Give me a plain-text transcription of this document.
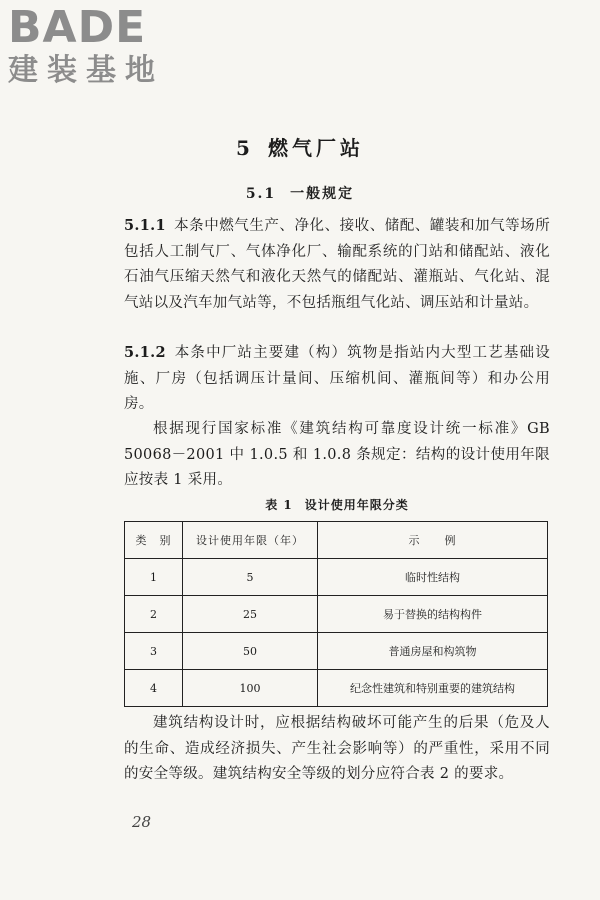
BADE
建装基地
5 燃气厂站
5.1 一般规定
5.1.1 本条中燃气生产、净化、接收、储配、罐装和加气等场所包括人工制气厂、气体净化厂、输配系统的门站和储配站、液化石油气压缩天然气和液化天然气的储配站、灌瓶站、气化站、混气站以及汽车加气站等，不包括瓶组气化站、调压站和计量站。
5.1.2 本条中厂站主要建（构）筑物是指站内大型工艺基础设施、厂房（包括调压计量间、压缩机间、灌瓶间等）和办公用房。
根据现行国家标准《建筑结构可靠度设计统一标准》GB 50068－2001 中 1.0.5 和 1.0.8 条规定：结构的设计使用年限应按表 1 采用。
表 1 设计使用年限分类
类　别	设计使用年限（年）	示　　例
1	5	临时性结构
2	25	易于替换的结构构件
3	50	普通房屋和构筑物
4	100	纪念性建筑和特别重要的建筑结构
建筑结构设计时，应根据结构破坏可能产生的后果（危及人的生命、造成经济损失、产生社会影响等）的严重性，采用不同的安全等级。建筑结构安全等级的划分应符合表 2 的要求。
28
